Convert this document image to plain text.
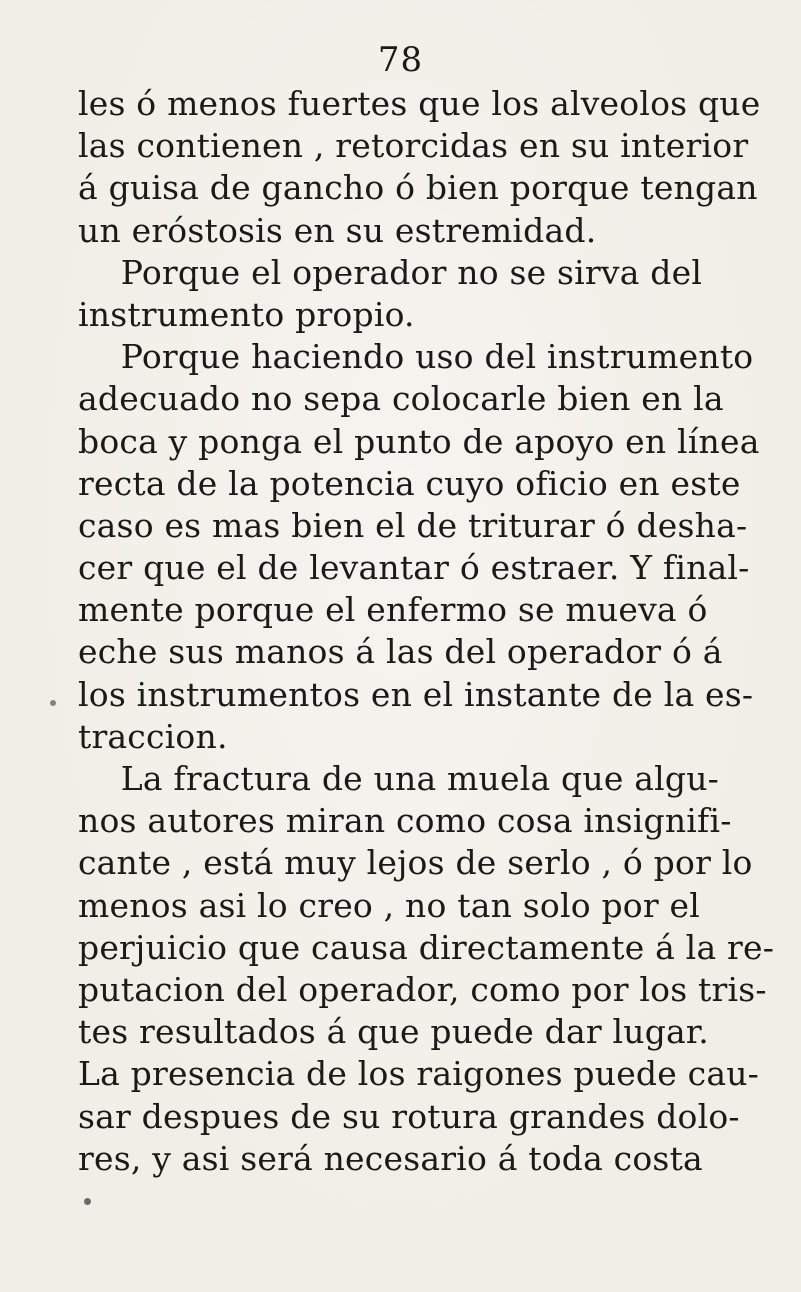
78
les ó menos fuertes que los alveolos que
las contienen , retorcidas en su interior
á guisa de gancho ó bien porque tengan
un eróstosis en su estremidad.
Porque el operador no se sirva del
instrumento propio.
Porque haciendo uso del instrumento
adecuado no sepa colocarle bien en la
boca y ponga el punto de apoyo en línea
recta de la potencia cuyo oficio en este
caso es mas bien el de triturar ó desha-
cer que el de levantar ó estraer. Y final-
mente porque el enfermo se mueva ó
eche sus manos á las del operador ó á
los instrumentos en el instante de la es-
traccion.
La fractura de una muela que algu-
nos autores miran como cosa insignifi-
cante , está muy lejos de serlo , ó por lo
menos asi lo creo , no tan solo por el
perjuicio que causa directamente á la re-
putacion del operador, como por los tris-
tes resultados á que puede dar lugar.
La presencia de los raigones puede cau-
sar despues de su rotura grandes dolo-
res, y asi será necesario á toda costa
